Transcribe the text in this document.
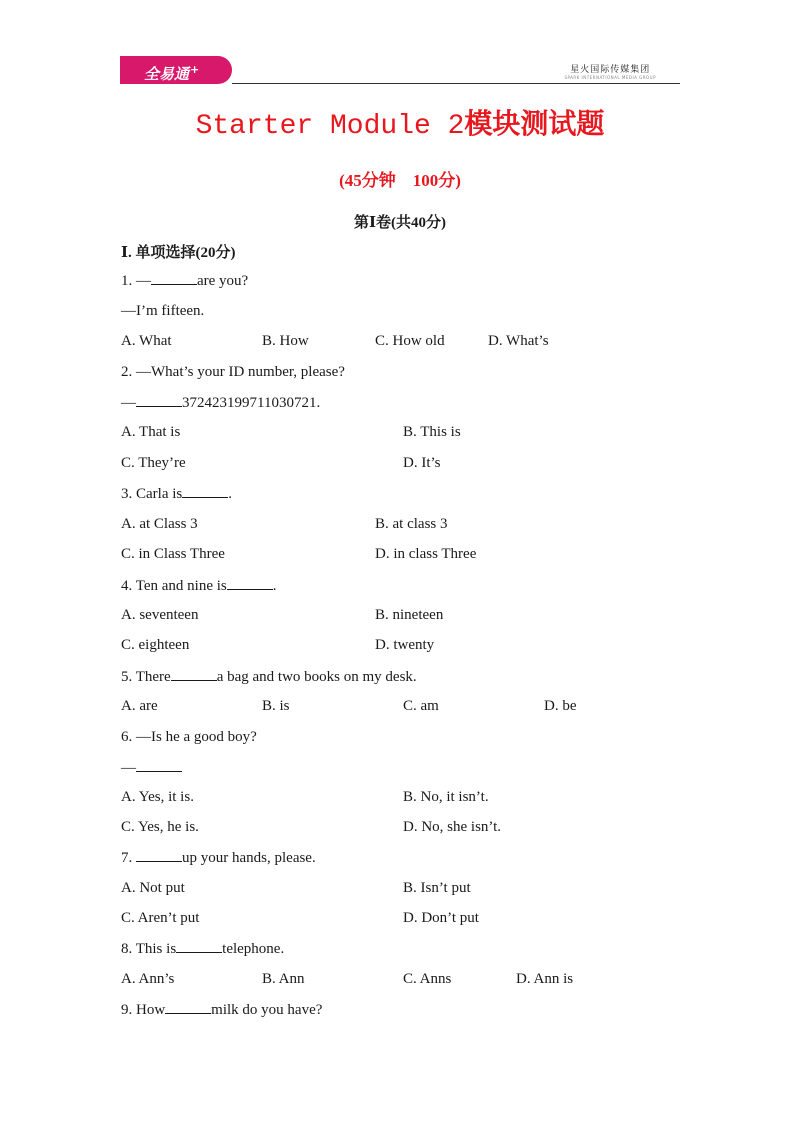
全易通+	星火国际传媒集团
SPARK INTERNATIONAL MEDIA GROUP
Starter Module 2模块测试题
(45分钟    100分)
第Ⅰ卷(共40分)
Ⅰ. 单项选择(20分)
1. —	are you?
—I’m fifteen.
A. What	B. How	C. How old	D. What’s
2. —What’s your ID number, please?
—	372423199711030721.
A. That is	B. This is
C. They’re	D. It’s
3. Carla is	.
A. at Class 3	B. at class 3
C. in Class Three	D. in class Three
4. Ten and nine is	.
A. seventeen	B. nineteen
C. eighteen	D. twenty
5. There	a bag and two books on my desk.
A. are	B. is	C. am	D. be
6. —Is he a good boy?
—
A. Yes, it is.	B. No, it isn’t.
C. Yes, he is.	D. No, she isn’t.
7.	up your hands, please.
A. Not put	B. Isn’t put
C. Aren’t put	D. Don’t put
8. This is	telephone.
A. Ann’s	B. Ann	C. Anns	D. Ann is
9. How	milk do you have?
